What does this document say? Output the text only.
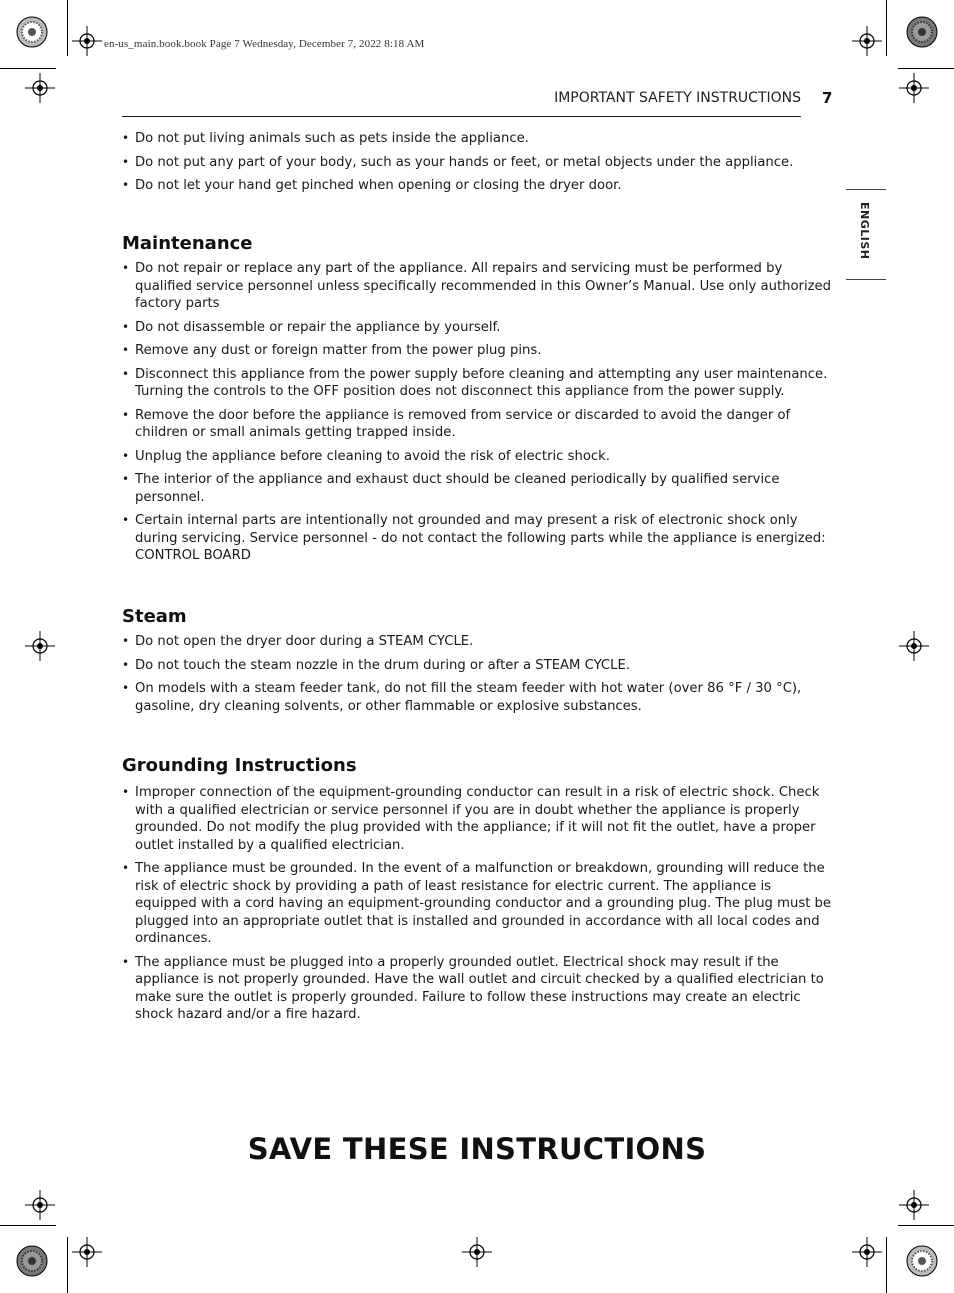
en-us_main.book.book Page 7 Wednesday, December 7, 2022 8:18 AM
IMPORTANT SAFETY INSTRUCTIONS 7
ENGLISH
• Do not put living animals such as pets inside the appliance.
• Do not put any part of your body, such as your hands or feet, or metal objects under the appliance.
• Do not let your hand get pinched when opening or closing the dryer door.
Maintenance
• Do not repair or replace any part of the appliance. All repairs and servicing must be performed by qualified service personnel unless specifically recommended in this Owner’s Manual. Use only authorized factory parts
• Do not disassemble or repair the appliance by yourself.
• Remove any dust or foreign matter from the power plug pins.
• Disconnect this appliance from the power supply before cleaning and attempting any user maintenance. Turning the controls to the OFF position does not disconnect this appliance from the power supply.
• Remove the door before the appliance is removed from service or discarded to avoid the danger of children or small animals getting trapped inside.
• Unplug the appliance before cleaning to avoid the risk of electric shock.
• The interior of the appliance and exhaust duct should be cleaned periodically by qualified service personnel.
• Certain internal parts are intentionally not grounded and may present a risk of electronic shock only during servicing. Service personnel - do not contact the following parts while the appliance is energized: CONTROL BOARD
Steam
• Do not open the dryer door during a STEAM CYCLE.
• Do not touch the steam nozzle in the drum during or after a STEAM CYCLE.
• On models with a steam feeder tank, do not fill the steam feeder with hot water (over 86 °F / 30 °C), gasoline, dry cleaning solvents, or other flammable or explosive substances.
Grounding Instructions
• Improper connection of the equipment-grounding conductor can result in a risk of electric shock. Check with a qualified electrician or service personnel if you are in doubt whether the appliance is properly grounded. Do not modify the plug provided with the appliance; if it will not fit the outlet, have a proper outlet installed by a qualified electrician.
• The appliance must be grounded. In the event of a malfunction or breakdown, grounding will reduce the risk of electric shock by providing a path of least resistance for electric current. The appliance is equipped with a cord having an equipment-grounding conductor and a grounding plug. The plug must be plugged into an appropriate outlet that is installed and grounded in accordance with all local codes and ordinances.
• The appliance must be plugged into a properly grounded outlet. Electrical shock may result if the appliance is not properly grounded. Have the wall outlet and circuit checked by a qualified electrician to make sure the outlet is properly grounded. Failure to follow these instructions may create an electric shock hazard and/or a fire hazard.
SAVE THESE INSTRUCTIONS
